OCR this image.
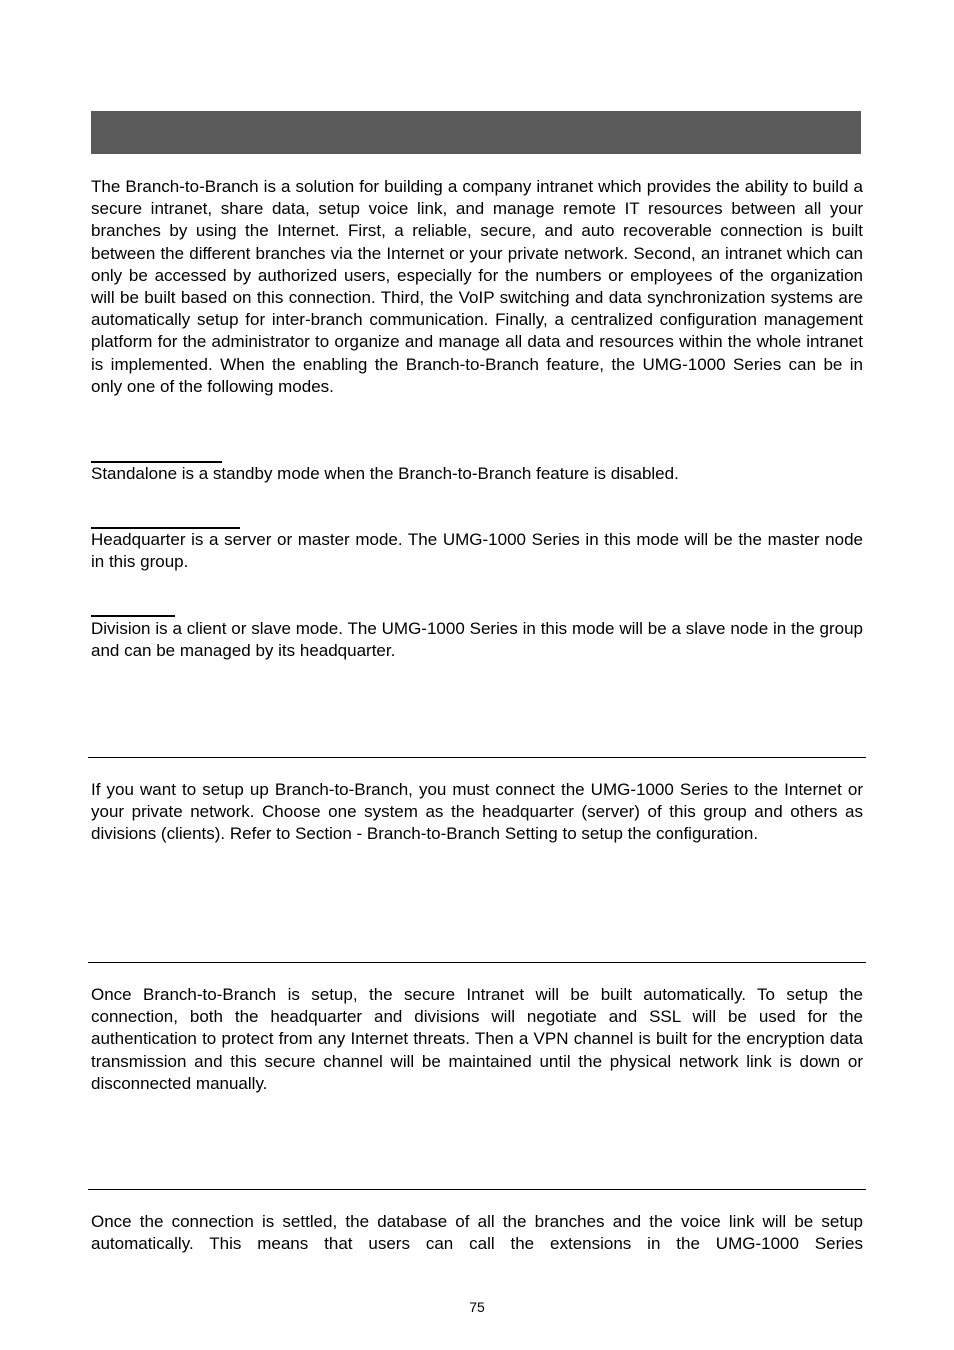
The Branch-to-Branch is a solution for building a company intranet which provides the ability to build a secure intranet, share data, setup voice link, and manage remote IT resources between all your branches by using the Internet. First, a reliable, secure, and auto recoverable connection is built between the different branches via the Internet or your private network. Second, an intranet which can only be accessed by authorized users, especially for the numbers or employees of the organization will be built based on this connection. Third, the VoIP switching and data synchronization systems are automatically setup for inter-branch communication. Finally, a centralized configuration management platform for the administrator to organize and manage all data and resources within the whole intranet is implemented. When the enabling the Branch-to-Branch feature, the UMG-1000 Series can be in only one of the following modes.

Standalone is a standby mode when the Branch-to-Branch feature is disabled.

Headquarter is a server or master mode. The UMG-1000 Series in this mode will be the master node in this group.

Division is a client or slave mode. The UMG-1000 Series in this mode will be a slave node in the group and can be managed by its headquarter.

If you want to setup up Branch-to-Branch, you must connect the UMG-1000 Series to the Internet or your private network. Choose one system as the headquarter (server) of this group and others as divisions (clients). Refer to Section - Branch-to-Branch Setting to setup the configuration.

Once Branch-to-Branch is setup, the secure Intranet will be built automatically. To setup the connection, both the headquarter and divisions will negotiate and SSL will be used for the authentication to protect from any Internet threats. Then a VPN channel is built for the encryption data transmission and this secure channel will be maintained until the physical network link is down or disconnected manually.

Once the connection is settled, the database of all the branches and the voice link will be setup automatically. This means that users can call the extensions in the UMG-1000 Series

75
